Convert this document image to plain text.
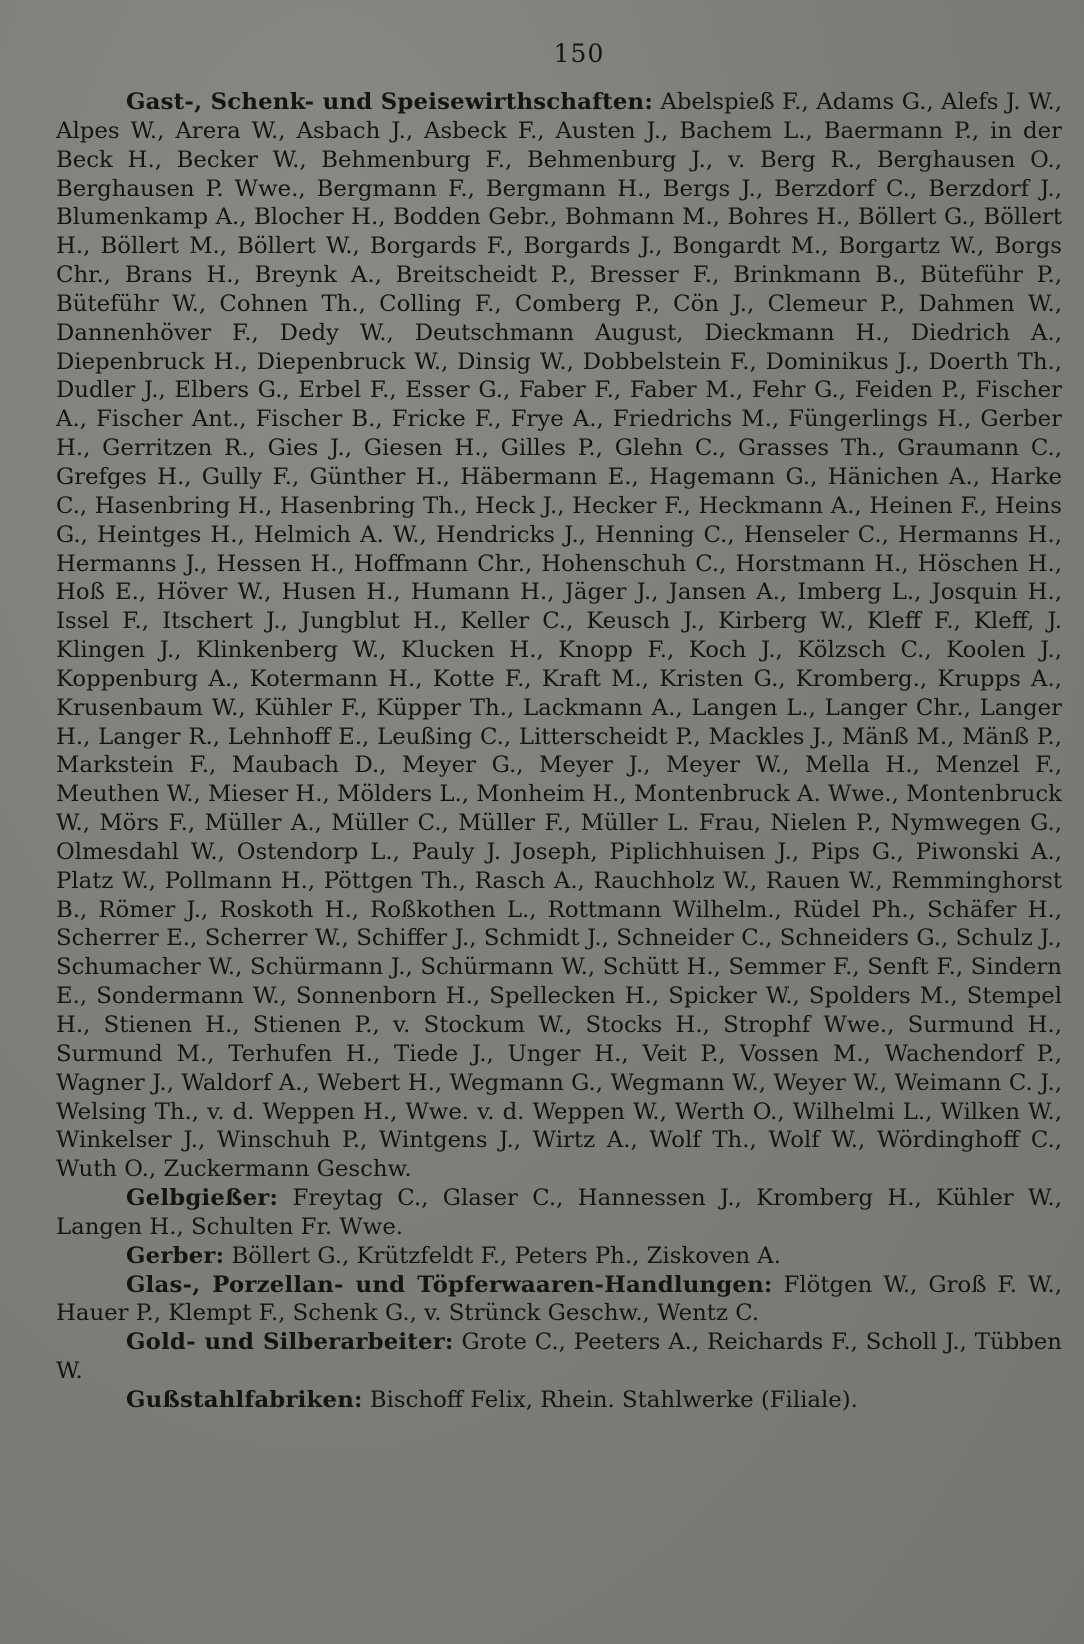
150

Gast-, Schenk- und Speisewirthschaften: Abelspieß F., Adams G., Alefs J. W., Alpes W., Arera W., Asbach J., Asbeck F., Austen J., Bachem L., Baermann P., in der Beck H., Becker W., Behmenburg F., Behmenburg J., v. Berg R., Berghausen O., Berghausen P. Wwe., Bergmann F., Bergmann H., Bergs J., Berzdorf C., Berzdorf J., Blumenkamp A., Blocher H., Bodden Gebr., Bohmann M., Bohres H., Böllert G., Böllert H., Böllert M., Böllert W., Borgards F., Borgards J., Bongardt M., Borgartz W., Borgs Chr., Brans H., Breynk A., Breitscheidt P., Bresser F., Brinkmann B., Büteführ P., Büteführ W., Cohnen Th., Colling F., Comberg P., Cön J., Clemeur P., Dahmen W., Dannenhöver F., Dedy W., Deutschmann August, Dieckmann H., Diedrich A., Diepenbruck H., Diepenbruck W., Dinsig W., Dobbelstein F., Dominikus J., Doerth Th., Dudler J., Elbers G., Erbel F., Esser G., Faber F., Faber M., Fehr G., Feiden P., Fischer A., Fischer Ant., Fischer B., Fricke F., Frye A., Friedrichs M., Füngerlings H., Gerber H., Gerritzen R., Gies J., Giesen H., Gilles P., Glehn C., Grasses Th., Graumann C., Grefges H., Gully F., Günther H., Häbermann E., Hagemann G., Hänichen A., Harke C., Hasenbring H., Hasenbring Th., Heck J., Hecker F., Heckmann A., Heinen F., Heins G., Heintges H., Helmich A. W., Hendricks J., Henning C., Henseler C., Hermanns H., Hermanns J., Hessen H., Hoffmann Chr., Hohenschuh C., Horstmann H., Höschen H., Hoß E., Höver W., Husen H., Humann H., Jäger J., Jansen A., Imberg L., Josquin H., Issel F., Itschert J., Jungblut H., Keller C., Keusch J., Kirberg W., Kleff F., Kleff, J. Klingen J., Klinkenberg W., Klucken H., Knopp F., Koch J., Kölzsch C., Koolen J., Koppenburg A., Kotermann H., Kotte F., Kraft M., Kristen G., Kromberg., Krupps A., Krusenbaum W., Kühler F., Küpper Th., Lackmann A., Langen L., Langer Chr., Langer H., Langer R., Lehnhoff E., Leußing C., Litterscheidt P., Mackles J., Mänß M., Mänß P., Markstein F., Maubach D., Meyer G., Meyer J., Meyer W., Mella H., Menzel F., Meuthen W., Mieser H., Mölders L., Monheim H., Montenbruck A. Wwe., Montenbruck W., Mörs F., Müller A., Müller C., Müller F., Müller L. Frau, Nielen P., Nymwegen G., Olmesdahl W., Ostendorp L., Pauly J. Joseph, Piplichhuisen J., Pips G., Piwonski A., Platz W., Pollmann H., Pöttgen Th., Rasch A., Rauchholz W., Rauen W., Remminghorst B., Römer J., Roskoth H., Roßkothen L., Rottmann Wilhelm., Rüdel Ph., Schäfer H., Scherrer E., Scherrer W., Schiffer J., Schmidt J., Schneider C., Schneiders G., Schulz J., Schumacher W., Schürmann J., Schürmann W., Schütt H., Semmer F., Senft F., Sindern E., Sondermann W., Sonnenborn H., Spellecken H., Spicker W., Spolders M., Stempel H., Stienen H., Stienen P., v. Stockum W., Stocks H., Strophf Wwe., Surmund H., Surmund M., Terhufen H., Tiede J., Unger H., Veit P., Vossen M., Wachendorf P., Wagner J., Waldorf A., Webert H., Wegmann G., Wegmann W., Weyer W., Weimann C. J., Welsing Th., v. d. Weppen H., Wwe. v. d. Weppen W., Werth O., Wilhelmi L., Wilken W., Winkelser J., Winschuh P., Wintgens J., Wirtz A., Wolf Th., Wolf W., Wördinghoff C., Wuth O., Zuckermann Geschw.

Gelbgießer: Freytag C., Glaser C., Hannessen J., Kromberg H., Kühler W., Langen H., Schulten Fr. Wwe.

Gerber: Böllert G., Krützfeldt F., Peters Ph., Ziskoven A.

Glas-, Porzellan- und Töpferwaaren-Handlungen: Flötgen W., Groß F. W., Hauer P., Klempt F., Schenk G., v. Strünck Geschw., Wentz C.

Gold- und Silberarbeiter: Grote C., Peeters A., Reichards F., Scholl J., Tübben W.

Gußstahlfabriken: Bischoff Felix, Rhein. Stahlwerke (Filiale).
